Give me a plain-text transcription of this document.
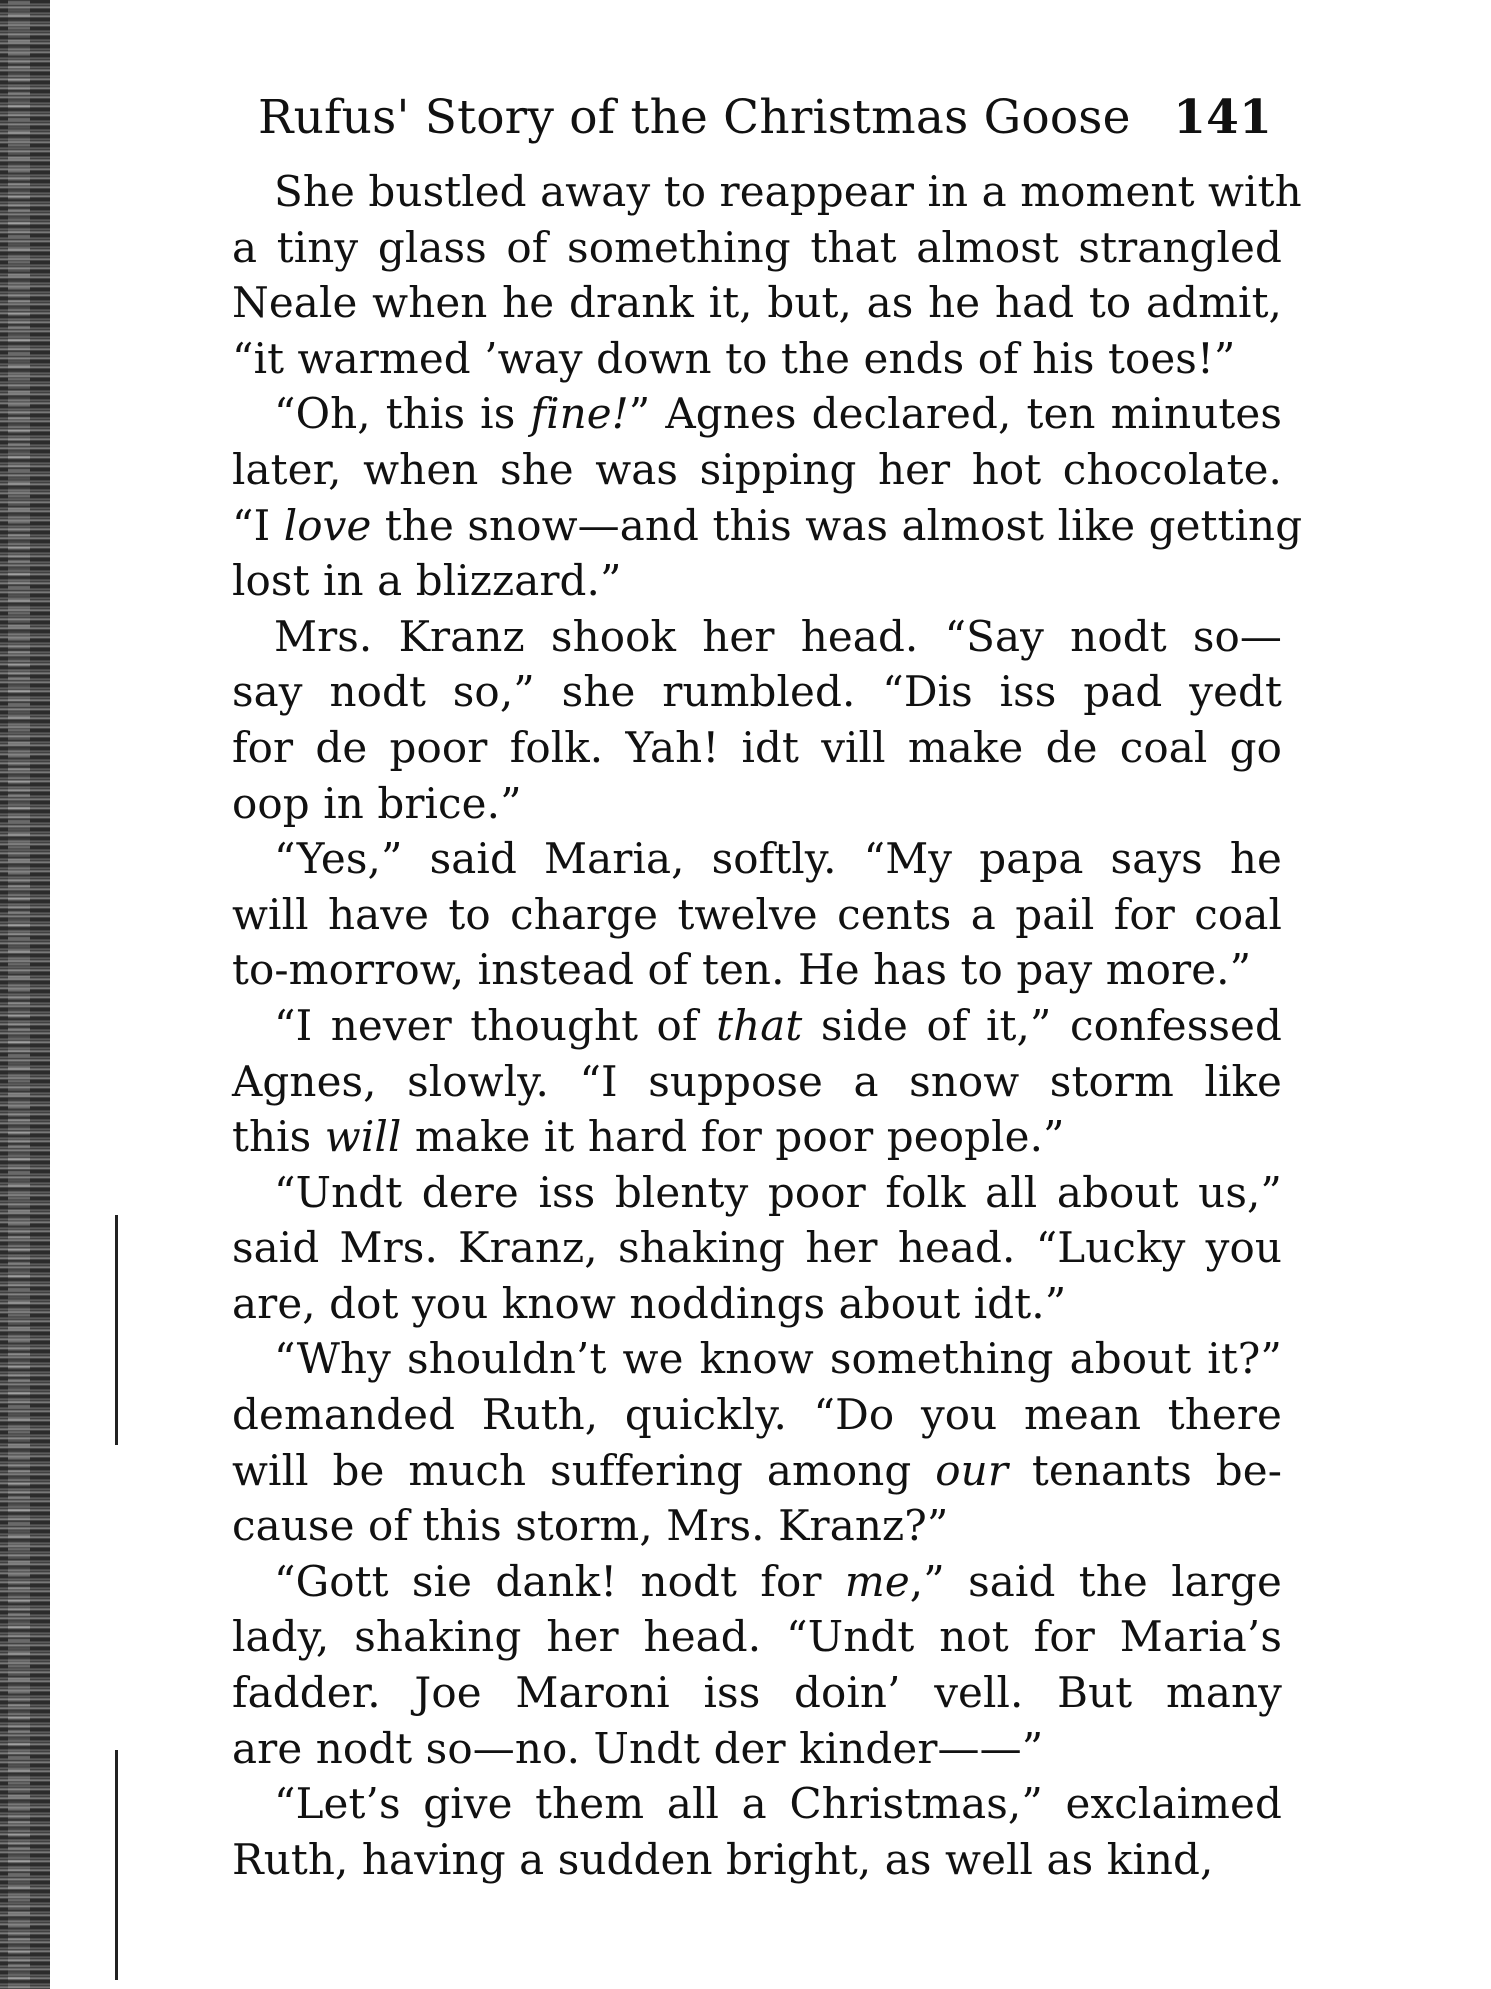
Rufus' Story of the Christmas Goose 141

She bustled away to reappear in a moment with
a tiny glass of something that almost strangled
Neale when he drank it, but, as he had to admit,
“it warmed ’way down to the ends of his toes!”

“Oh, this is fine!” Agnes declared, ten minutes
later, when she was sipping her hot chocolate.
“I love the snow—and this was almost like getting
lost in a blizzard.”

Mrs. Kranz shook her head. “Say nodt so—
say nodt so,” she rumbled. “Dis iss pad yedt
for de poor folk. Yah! idt vill make de coal go
oop in brice.”

“Yes,” said Maria, softly. “My papa says he
will have to charge twelve cents a pail for coal
to-morrow, instead of ten. He has to pay more.”

“I never thought of that side of it,” confessed
Agnes, slowly. “I suppose a snow storm like
this will make it hard for poor people.”

“Undt dere iss blenty poor folk all about us,”
said Mrs. Kranz, shaking her head. “Lucky you
are, dot you know noddings about idt.”

“Why shouldn’t we know something about it?”
demanded Ruth, quickly. “Do you mean there
will be much suffering among our tenants be-
cause of this storm, Mrs. Kranz?”

“Gott sie dank! nodt for me,” said the large
lady, shaking her head. “Undt not for Maria’s
fadder. Joe Maroni iss doin’ vell. But many
are nodt so—no. Undt der kinder——”

“Let’s give them all a Christmas,” exclaimed
Ruth, having a sudden bright, as well as kind,
